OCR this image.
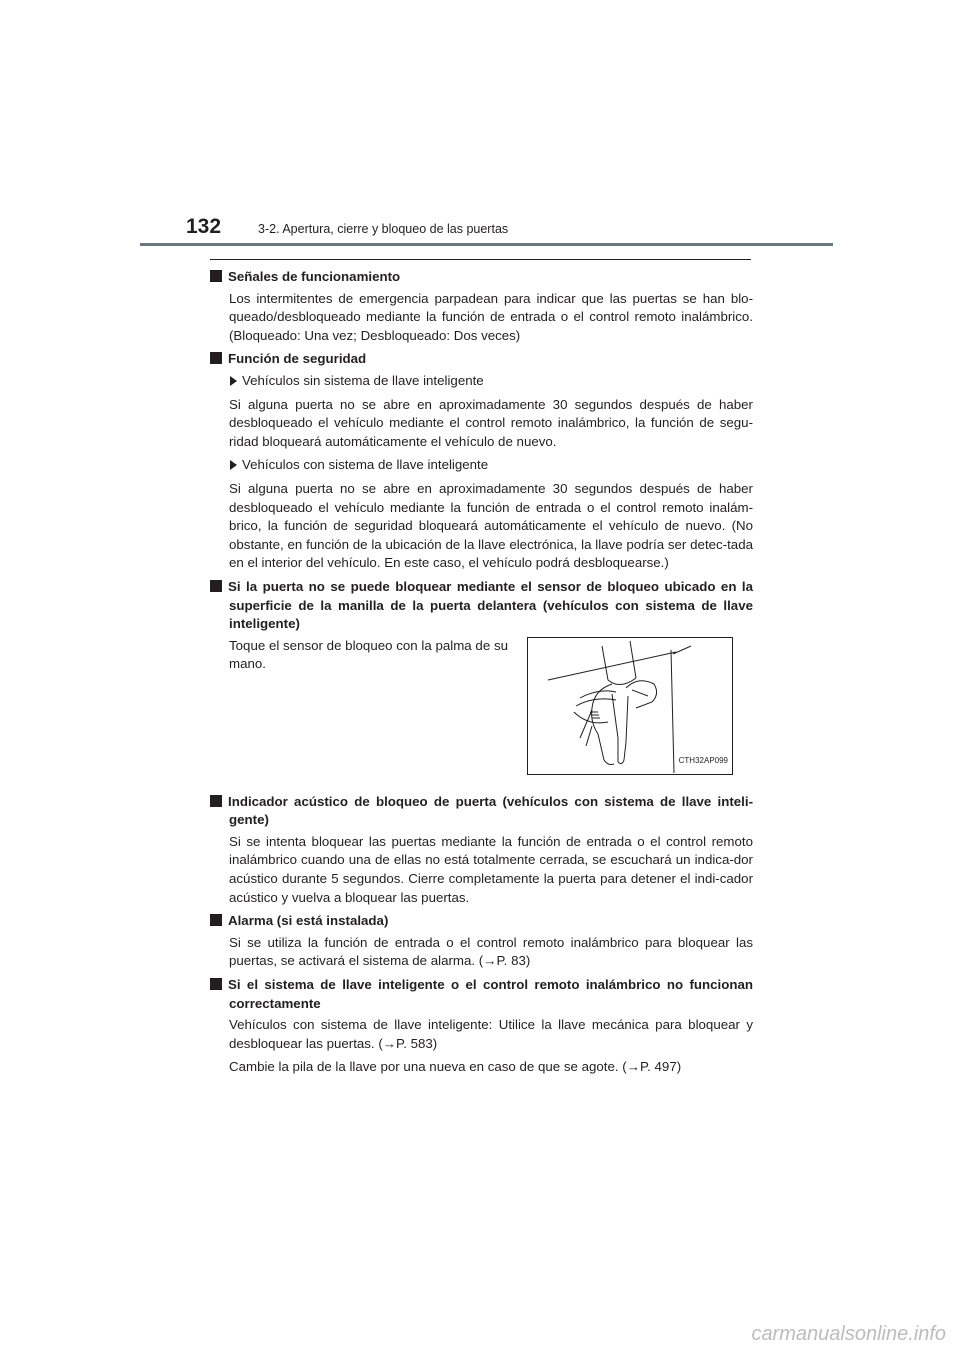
132	3-2. Apertura, cierre y bloqueo de las puertas
Señales de funcionamiento

Los intermitentes de emergencia parpadean para indicar que las puertas se han blo-queado/desbloqueado mediante la función de entrada o el control remoto inalámbrico. (Bloqueado: Una vez; Desbloqueado: Dos veces)

Función de seguridad
Vehículos sin sistema de llave inteligente

Si alguna puerta no se abre en aproximadamente 30 segundos después de haber desbloqueado el vehículo mediante el control remoto inalámbrico, la función de segu-ridad bloqueará automáticamente el vehículo de nuevo.

Vehículos con sistema de llave inteligente

Si alguna puerta no se abre en aproximadamente 30 segundos después de haber desbloqueado el vehículo mediante la función de entrada o el control remoto inalám-brico, la función de seguridad bloqueará automáticamente el vehículo de nuevo. (No obstante, en función de la ubicación de la llave electrónica, la llave podría ser detec-tada en el interior del vehículo. En este caso, el vehículo podrá desbloquearse.)

Si la puerta no se puede bloquear mediante el sensor de bloqueo ubicado en la superficie de la manilla de la puerta delantera (vehículos con sistema de llave inteligente)
Toque el sensor de bloqueo con la palma de su mano.
CTH32AP099
Indicador acústico de bloqueo de puerta (vehículos con sistema de llave inteli-gente)

Si se intenta bloquear las puertas mediante la función de entrada o el control remoto inalámbrico cuando una de ellas no está totalmente cerrada, se escuchará un indica-dor acústico durante 5 segundos. Cierre completamente la puerta para detener el indi-cador acústico y vuelva a bloquear las puertas.

Alarma (si está instalada)

Si se utiliza la función de entrada o el control remoto inalámbrico para bloquear las puertas, se activará el sistema de alarma. (→P. 83)

Si el sistema de llave inteligente o el control remoto inalámbrico no funcionan correctamente

Vehículos con sistema de llave inteligente: Utilice la llave mecánica para bloquear y desbloquear las puertas. (→P. 583)

Cambie la pila de la llave por una nueva en caso de que se agote. (→P. 497)

carmanualsonline.info
